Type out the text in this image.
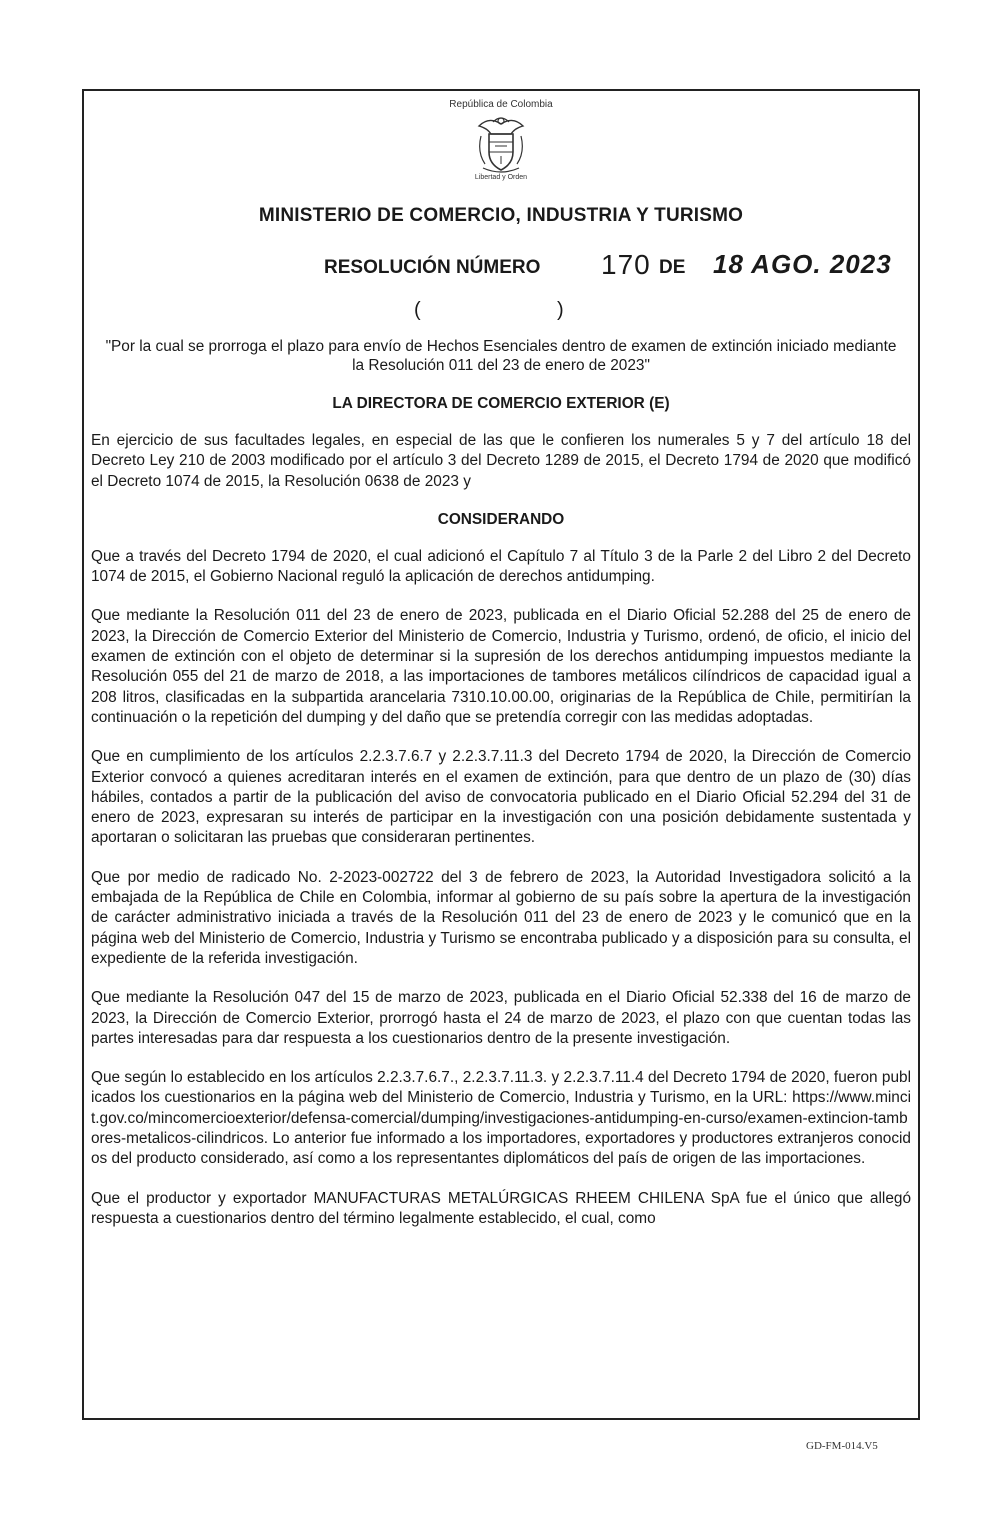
República de Colombia
Libertad y Orden
MINISTERIO DE COMERCIO, INDUSTRIA Y TURISMO
RESOLUCIÓN NÚMERO 170 DE 18 AGO. 2023
(	)
"Por la cual se prorroga el plazo para envío de Hechos Esenciales dentro de examen de extinción iniciado mediante la Resolución 011 del 23 de enero de 2023"
LA DIRECTORA DE COMERCIO EXTERIOR (E)
En ejercicio de sus facultades legales, en especial de las que le confieren los numerales 5 y 7 del artículo 18 del Decreto Ley 210 de 2003 modificado por el artículo 3 del Decreto 1289 de 2015, el Decreto 1794 de 2020 que modificó el Decreto 1074 de 2015, la Resolución 0638 de 2023 y
CONSIDERANDO
Que a través del Decreto 1794 de 2020, el cual adicionó el Capítulo 7 al Título 3 de la Parle 2 del Libro 2 del Decreto 1074 de 2015, el Gobierno Nacional reguló la aplicación de derechos antidumping.
Que mediante la Resolución 011 del 23 de enero de 2023, publicada en el Diario Oficial 52.288 del 25 de enero de 2023, la Dirección de Comercio Exterior del Ministerio de Comercio, Industria y Turismo, ordenó, de oficio, el inicio del examen de extinción con el objeto de determinar si la supresión de los derechos antidumping impuestos mediante la Resolución 055 del 21 de marzo de 2018, a las importaciones de tambores metálicos cilíndricos de capacidad igual a 208 litros, clasificadas en la subpartida arancelaria 7310.10.00.00, originarias de la República de Chile, permitirían la continuación o la repetición del dumping y del daño que se pretendía corregir con las medidas adoptadas.
Que en cumplimiento de los artículos 2.2.3.7.6.7 y 2.2.3.7.11.3 del Decreto 1794 de 2020, la Dirección de Comercio Exterior convocó a quienes acreditaran interés en el examen de extinción, para que dentro de un plazo de (30) días hábiles, contados a partir de la publicación del aviso de convocatoria publicado en el Diario Oficial 52.294 del 31 de enero de 2023, expresaran su interés de participar en la investigación con una posición debidamente sustentada y aportaran o solicitaran las pruebas que consideraran pertinentes.
Que por medio de radicado No. 2-2023-002722 del 3 de febrero de 2023, la Autoridad Investigadora solicitó a la embajada de la República de Chile en Colombia, informar al gobierno de su país sobre la apertura de la investigación de carácter administrativo iniciada a través de la Resolución 011 del 23 de enero de 2023 y le comunicó que en la página web del Ministerio de Comercio, Industria y Turismo se encontraba publicado y a disposición para su consulta, el expediente de la referida investigación.
Que mediante la Resolución 047 del 15 de marzo de 2023, publicada en el Diario Oficial 52.338 del 16 de marzo de 2023, la Dirección de Comercio Exterior, prorrogó hasta el 24 de marzo de 2023, el plazo con que cuentan todas las partes interesadas para dar respuesta a los cuestionarios dentro de la presente investigación.
Que según lo establecido en los artículos 2.2.3.7.6.7., 2.2.3.7.11.3. y 2.2.3.7.11.4 del Decreto 1794 de 2020, fueron publicados los cuestionarios en la página web del Ministerio de Comercio, Industria y Turismo, en la URL: https://www.mincit.gov.co/mincomercioexterior/defensa-comercial/dumping/investigaciones-antidumping-en-curso/examen-extincion-tambores-metalicos-cilindricos. Lo anterior fue informado a los importadores, exportadores y productores extranjeros conocidos del producto considerado, así como a los representantes diplomáticos del país de origen de las importaciones.
Que el productor y exportador MANUFACTURAS METALÚRGICAS RHEEM CHILENA SpA fue el único que allegó respuesta a cuestionarios dentro del término legalmente establecido, el cual, como
GD-FM-014.V5
